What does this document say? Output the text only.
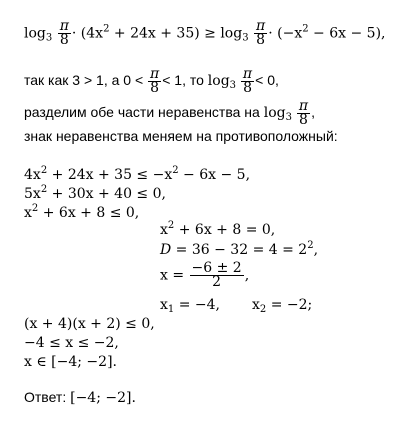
$\log_3 \frac{\pi}{8} \cdot (4x^2 + 24x + 35) \ge \log_3 \frac{\pi}{8} \cdot (-x^2 - 6x - 5)$,
так как 3 > 1, а $0 < \frac{\pi}{8} < 1$, то $\log_3 \frac{\pi}{8} < 0$,
разделим обе части неравенства на $\log_3 \frac{\pi}{8}$ ,
знак неравенства меняем на противоположный:
$4x^2 + 24x + 35 \le -x^2 - 6x - 5$,
$5x^2 + 30x + 40 \le 0$,
$x^2 + 6x + 8 \le 0$,
$x^2 + 6x + 8 = 0$,
$D = 36 - 32 = 4 = 2^2$,
$x = \frac{-6 \pm 2}{2}$ ,
$x_1 = -4$, $x_2 = -2$;
(x + 4)(x + 2) ≤ 0,
−4 ≤ x ≤ −2,
x ∈ [−4; −2].
Ответ: [−4; −2].
